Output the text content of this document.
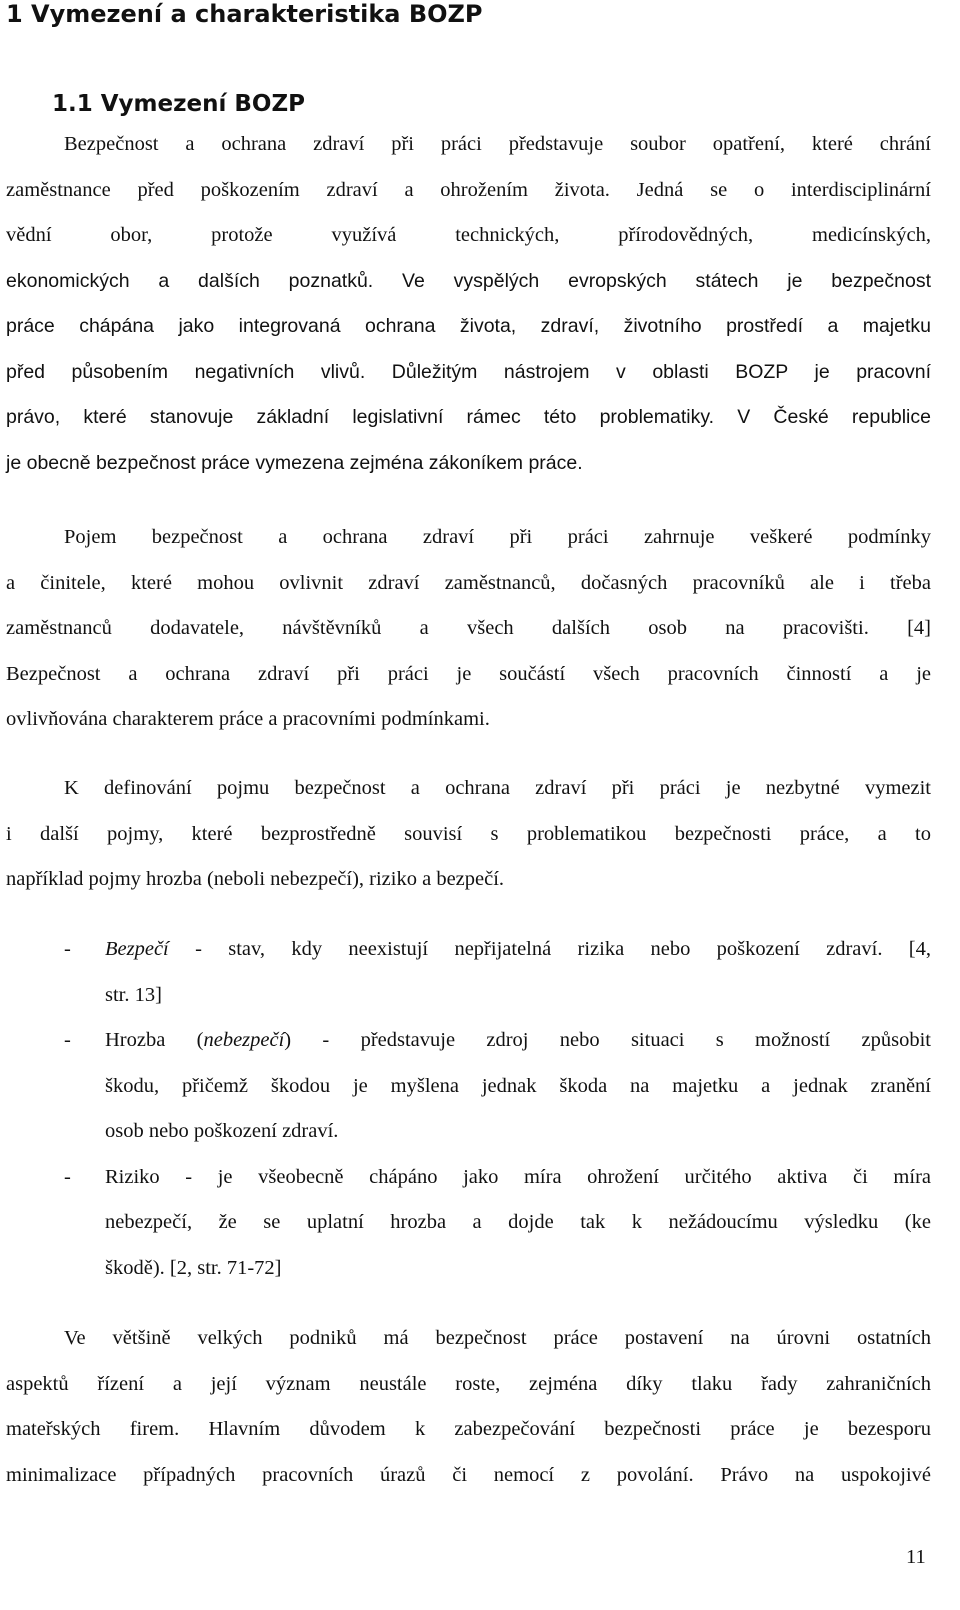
1 Vymezení a charakteristika BOZP
1.1 Vymezení BOZP
Bezpečnost a ochrana zdraví při práci představuje soubor opatření, které chrání
zaměstnance před poškozením zdraví a ohrožením života. Jedná se o interdisciplinární
vědní obor, protože využívá technických, přírodovědných, medicínských,
ekonomických a dalších poznatků. Ve vyspělých evropských státech je bezpečnost
práce chápána jako integrovaná ochrana života, zdraví, životního prostředí a majetku
před působením negativních vlivů. Důležitým nástrojem v oblasti BOZP je pracovní
právo, které stanovuje základní legislativní rámec této problematiky. V České republice
je obecně bezpečnost práce vymezena zejména zákoníkem práce.
Pojem bezpečnost a ochrana zdraví při práci zahrnuje veškeré podmínky
a činitele, které mohou ovlivnit zdraví zaměstnanců, dočasných pracovníků ale i třeba
zaměstnanců dodavatele, návštěvníků a všech dalších osob na pracovišti. [4]
Bezpečnost a ochrana zdraví při práci je součástí všech pracovních činností a je
ovlivňována charakterem práce a pracovními podmínkami.
K definování pojmu bezpečnost a ochrana zdraví při práci je nezbytné vymezit
i další pojmy, které bezprostředně souvisí s problematikou bezpečnosti práce, a to
například pojmy hrozba (neboli nebezpečí), riziko a bezpečí.
-	Bezpečí - stav, kdy neexistují nepřijatelná rizika nebo poškození zdraví. [4,
str. 13]
-	Hrozba (nebezpečí) - představuje zdroj nebo situaci s možností způsobit
škodu, přičemž škodou je myšlena jednak škoda na majetku a jednak zranění
osob nebo poškození zdraví.
-	Riziko - je všeobecně chápáno jako míra ohrožení určitého aktiva či míra
nebezpečí, že se uplatní hrozba a dojde tak k nežádoucímu výsledku (ke
škodě). [2, str. 71-72]
Ve většině velkých podniků má bezpečnost práce postavení na úrovni ostatních
aspektů řízení a její význam neustále roste, zejména díky tlaku řady zahraničních
mateřských firem. Hlavním důvodem k zabezpečování bezpečnosti práce je bezesporu
minimalizace případných pracovních úrazů či nemocí z povolání. Právo na uspokojivé
11
